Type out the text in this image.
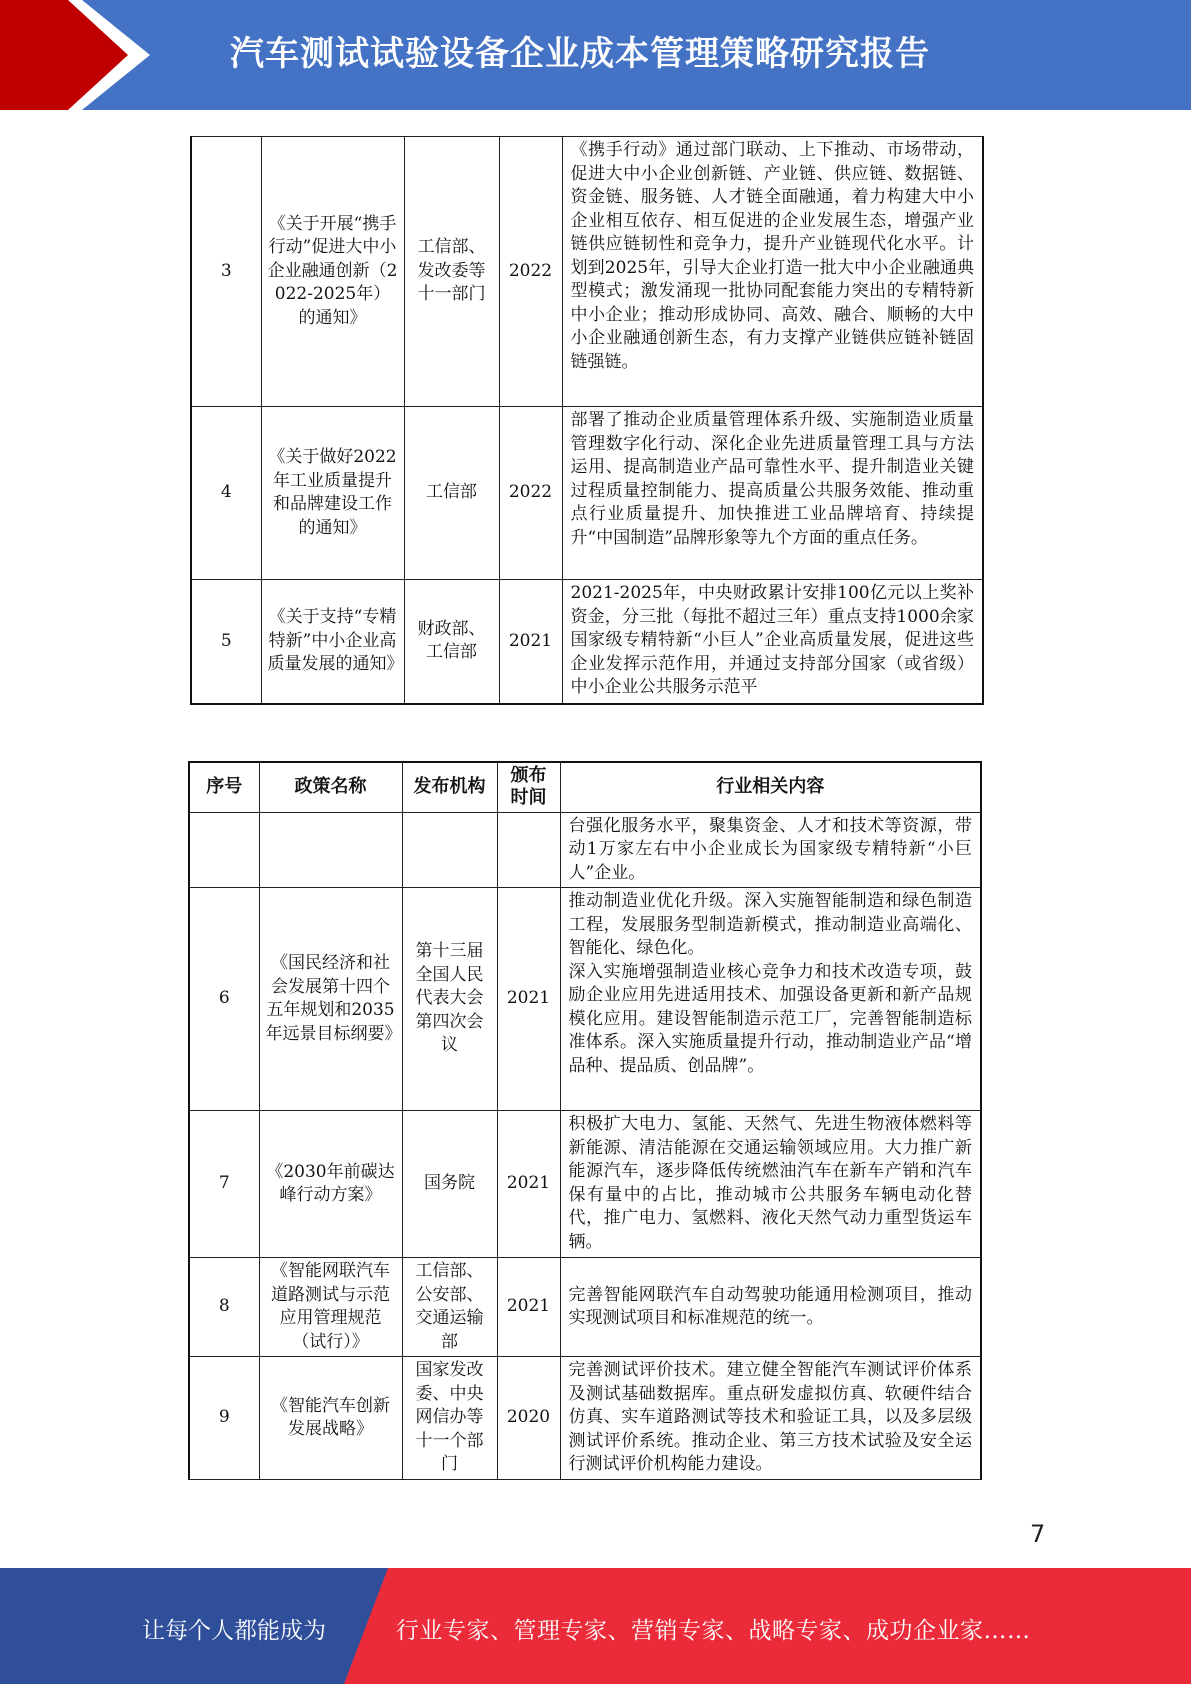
汽车测试试验设备企业成本管理策略研究报告
3	《关于开展“携手行动”促进大中小企业融通创新（2022-2025年）的通知》	工信部、发改委等十一部门	2022	《携手行动》通过部门联动、上下推动、市场带动，促进大中小企业创新链、产业链、供应链、数据链、资金链、服务链、人才链全面融通，着力构建大中小企业相互依存、相互促进的企业发展生态，增强产业链供应链韧性和竞争力，提升产业链现代化水平。计划到2025年，引导大企业打造一批大中小企业融通典型模式；激发涌现一批协同配套能力突出的专精特新中小企业；推动形成协同、高效、融合、顺畅的大中小企业融通创新生态，有力支撑产业链供应链补链固链强链。
4	《关于做好2022年工业质量提升和品牌建设工作的通知》	工信部	2022	部署了推动企业质量管理体系升级、实施制造业质量管理数字化行动、深化企业先进质量管理工具与方法运用、提高制造业产品可靠性水平、提升制造业关键过程质量控制能力、提高质量公共服务效能、推动重点行业质量提升、加快推进工业品牌培育、持续提升“中国制造”品牌形象等九个方面的重点任务。
5	《关于支持“专精特新”中小企业高质量发展的通知》	财政部、工信部	2021	2021-2025年，中央财政累计安排100亿元以上奖补资金，分三批（每批不超过三年）重点支持1000余家国家级专精特新“小巨人”企业高质量发展，促进这些企业发挥示范作用，并通过支持部分国家（或省级）中小企业公共服务示范平
序号	政策名称	发布机构	颁布时间	行业相关内容
				台强化服务水平，聚集资金、人才和技术等资源，带动1万家左右中小企业成长为国家级专精特新“小巨人”企业。
6	《国民经济和社会发展第十四个五年规划和2035年远景目标纲要》	第十三届全国人民代表大会第四次会议	2021	推动制造业优化升级。深入实施智能制造和绿色制造工程，发展服务型制造新模式，推动制造业高端化、智能化、绿色化。
深入实施增强制造业核心竞争力和技术改造专项，鼓励企业应用先进适用技术、加强设备更新和新产品规模化应用。建设智能制造示范工厂，完善智能制造标准体系。深入实施质量提升行动，推动制造业产品“增品种、提品质、创品牌”。
7	《2030年前碳达峰行动方案》	国务院	2021	积极扩大电力、氢能、天然气、先进生物液体燃料等新能源、清洁能源在交通运输领域应用。大力推广新能源汽车，逐步降低传统燃油汽车在新车产销和汽车保有量中的占比，推动城市公共服务车辆电动化替代，推广电力、氢燃料、液化天然气动力重型货运车辆。
8	《智能网联汽车道路测试与示范应用管理规范（试行）》	工信部、公安部、交通运输部	2021	完善智能网联汽车自动驾驶功能通用检测项目，推动实现测试项目和标准规范的统一。
9	《智能汽车创新发展战略》	国家发改委、中央网信办等十一个部门	2020	完善测试评价技术。建立健全智能汽车测试评价体系及测试基础数据库。重点研发虚拟仿真、软硬件结合仿真、实车道路测试等技术和验证工具，以及多层级测试评价系统。推动企业、第三方技术试验及安全运行测试评价机构能力建设。
7
让每个人都能成为	行业专家、管理专家、营销专家、战略专家、成功企业家……
